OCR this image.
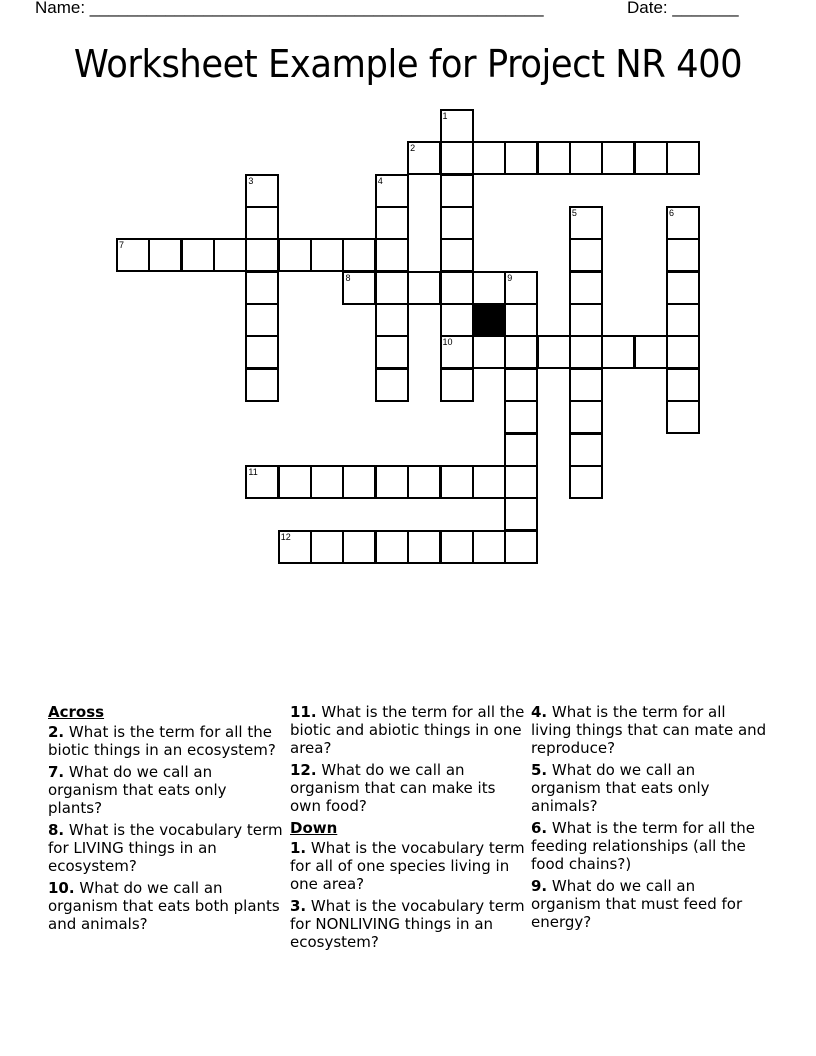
Name: ________________________________________________	Date: _______
Worksheet Example for Project NR 400
1
10
2
3	4
5	6
7
8	9
11
12
Across
2. What is the term for all the biotic things in an ecosystem?
7. What do we call an organism that eats only plants?
8. What is the vocabulary term for LIVING things in an ecosystem?
10. What do we call an organism that eats both plants and animals?
11. What is the term for all the biotic and abiotic things in one area?
12. What do we call an organism that can make its own food?
Down
1. What is the vocabulary term for all of one species living in one area?
3. What is the vocabulary term for NONLIVING things in an ecosystem?
4. What is the term for all living things that can mate and reproduce?
5. What do we call an organism that eats only animals?
6. What is the term for all the feeding relationships (all the food chains?)
9. What do we call an organism that must feed for energy?
